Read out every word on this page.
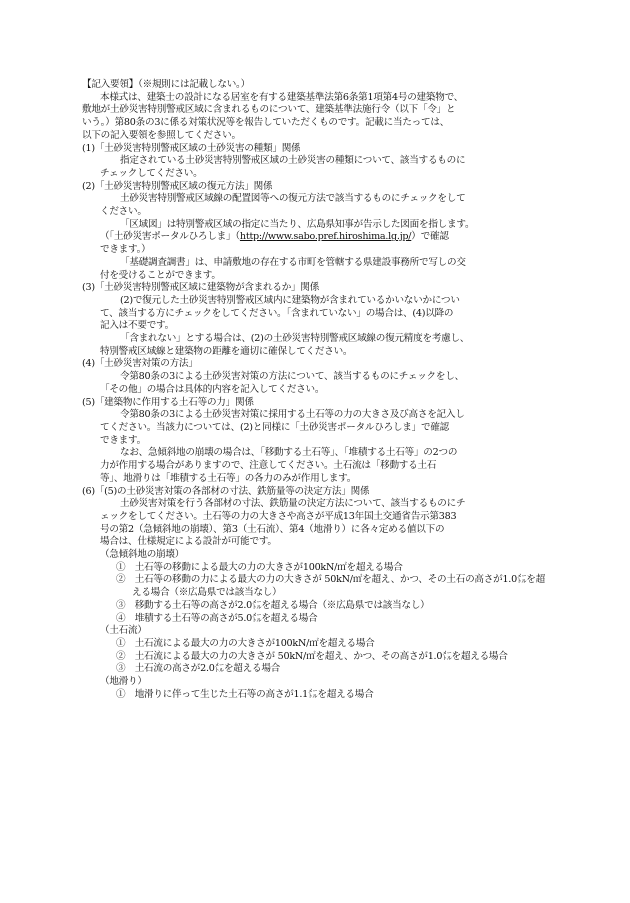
【記入要領】（※規則には記載しない。）

本様式は、建築士の設計になる居室を有する建築基準法第6条第1項第4号の建築物で、

敷地が土砂災害特別警戒区域に含まれるものについて、建築基準法施行令（以下「令」と

いう。）第80条の3に係る対策状況等を報告していただくものです。記載に当たっては、

以下の記入要領を参照してください。

(1)「土砂災害特別警戒区域の土砂災害の種類」関係

指定されている土砂災害特別警戒区域の土砂災害の種類について、該当するものに

チェックしてください。

(2)「土砂災害特別警戒区域の復元方法」関係

土砂災害特別警戒区域線の配置図等への復元方法で該当するものにチェックをして

ください。

「区域図」は特別警戒区域の指定に当たり、広島県知事が告示した図面を指します。

（「土砂災害ポータルひろしま」（http://www.sabo.pref.hiroshima.lg.jp/）で確認

できます。）

「基礎調査調書」は、申請敷地の存在する市町を管轄する県建設事務所で写しの交

付を受けることができます。

(3)「土砂災害特別警戒区域に建築物が含まれるか」関係

(2)で復元した土砂災害特別警戒区域内に建築物が含まれているかいないかについ

て、該当する方にチェックをしてください。「含まれていない」の場合は、(4)以降の

記入は不要です。

「含まれない」とする場合は、(2)の土砂災害特別警戒区域線の復元精度を考慮し、

特別警戒区域線と建築物の距離を適切に確保してください。

(4)「土砂災害対策の方法」

令第80条の3による土砂災害対策の方法について、該当するものにチェックをし、

「その他」の場合は具体的内容を記入してください。

(5)「建築物に作用する土石等の力」関係

令第80条の3による土砂災害対策に採用する土石等の力の大きさ及び高さを記入し

てください。当該力については、(2)と同様に「土砂災害ポータルひろしま」で確認

できます。

なお、急傾斜地の崩壊の場合は、「移動する土石等」、「堆積する土石等」の2つの

力が作用する場合がありますので、注意してください。土石流は「移動する土石

等」、地滑りは「堆積する土石等」の各力のみが作用します。

(6)「(5)の土砂災害対策の各部材の寸法、鉄筋量等の決定方法」関係

土砂災害対策を行う各部材の寸法、鉄筋量の決定方法について、該当するものにチ

ェックをしてください。土石等の力の大きさや高さが平成13年国土交通省告示第383

号の第2（急傾斜地の崩壊）、第3（土石流）、第4（地滑り）に各々定める値以下の

場合は、仕様規定による設計が可能です。

（急傾斜地の崩壊）

①　土石等の移動による最大の力の大きさが100kN/㎡を超える場合

②　土石等の移動の力による最大の力の大きさが 50kN/㎡を超え、かつ、その土石の高さが1.0㍍を超える場合（※広島県では該当なし）

③　移動する土石等の高さが2.0㍍を超える場合（※広島県では該当なし）

④　堆積する土石等の高さが5.0㍍を超える場合

（土石流）

①　土石流による最大の力の大きさが100kN/㎡を超える場合

②　土石流による最大の力の大きさが 50kN/㎡を超え、かつ、その高さが1.0㍍を超える場合

③　土石流の高さが2.0㍍を超える場合

（地滑り）

①　地滑りに伴って生じた土石等の高さが1.1㍍を超える場合
